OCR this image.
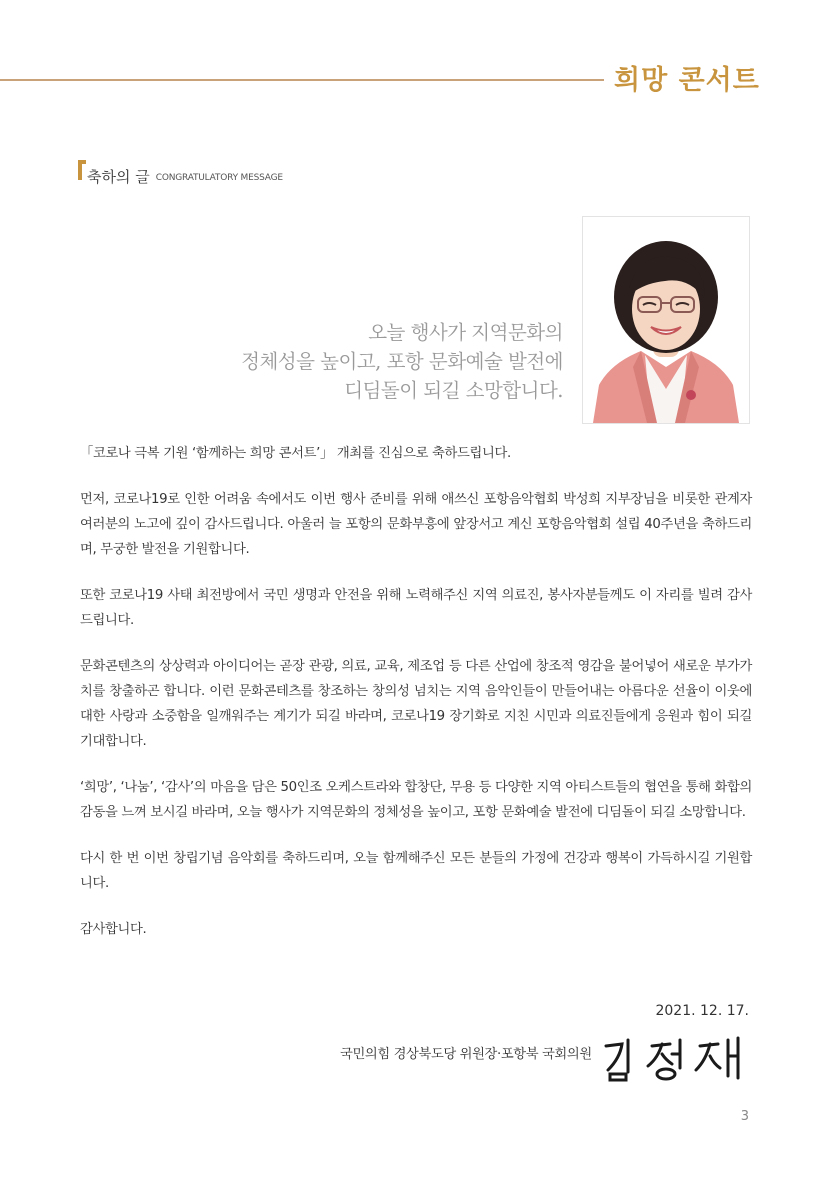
희망 콘서트
축하의 글 CONGRATULATORY MESSAGE
오늘 행사가 지역문화의
정체성을 높이고, 포항 문화예술 발전에
디딤돌이 되길 소망합니다.

「코로나 극복 기원 ‘함께하는 희망 콘서트’」 개최를 진심으로 축하드립니다.

먼저, 코로나19로 인한 어려움 속에서도 이번 행사 준비를 위해 애쓰신 포항음악협회 박성희 지부장님을 비롯한 관계자 여러분의 노고에 깊이 감사드립니다. 아울러 늘 포항의 문화부흥에 앞장서고 계신 포항음악협회 설립 40주년을 축하드리며, 무궁한 발전을 기원합니다.

또한 코로나19 사태 최전방에서 국민 생명과 안전을 위해 노력해주신 지역 의료진, 봉사자분들께도 이 자리를 빌려 감사드립니다.

문화콘텐츠의 상상력과 아이디어는 곧장 관광, 의료, 교육, 제조업 등 다른 산업에 창조적 영감을 불어넣어 새로운 부가가치를 창출하곤 합니다. 이런 문화콘테츠를 창조하는 창의성 넘치는 지역 음악인들이 만들어내는 아름다운 선율이 이웃에 대한 사랑과 소중함을 일깨워주는 계기가 되길 바라며, 코로나19 장기화로 지친 시민과 의료진들에게 응원과 힘이 되길 기대합니다.

‘희망’, ‘나눔’, ‘감사’의 마음을 담은 50인조 오케스트라와 합창단, 무용 등 다양한 지역 아티스트들의 협연을 통해 화합의 감동을 느껴 보시길 바라며, 오늘 행사가 지역문화의 정체성을 높이고, 포항 문화예술 발전에 디딤돌이 되길 소망합니다.

다시 한 번 이번 창립기념 음악회를 축하드리며, 오늘 함께해주신 모든 분들의 가정에 건강과 행복이 가득하시길 기원합니다.

감사합니다.

2021. 12. 17.
국민의힘 경상북도당 위원장·포항북 국회의원
3
